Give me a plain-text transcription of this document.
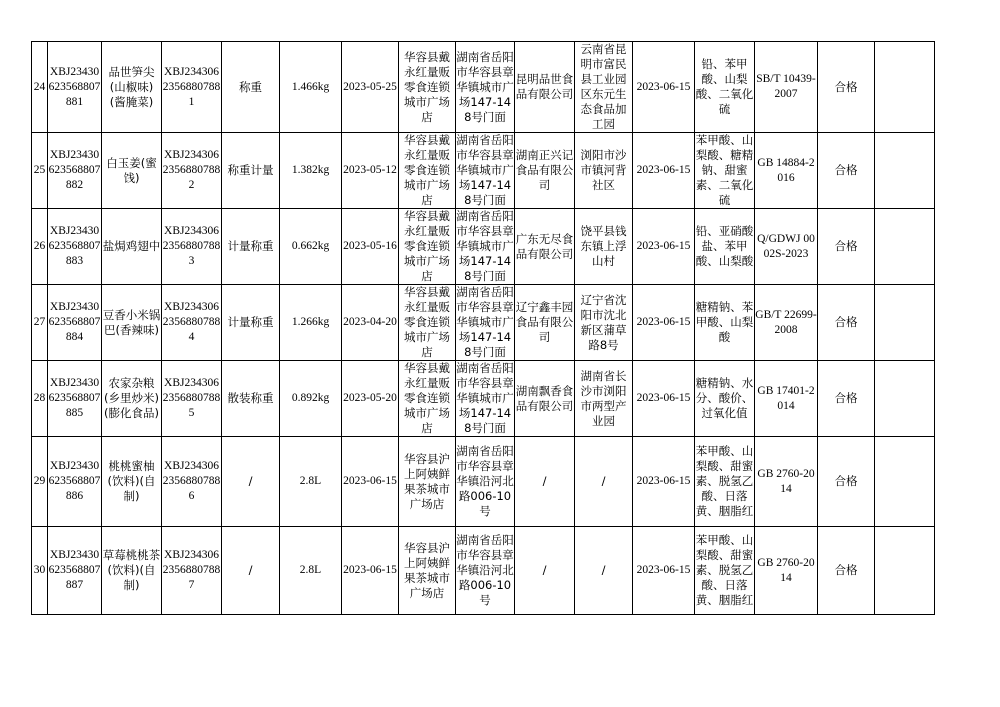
24	XBJ23430623568807881	品世笋尖(山椒味)(酱腌菜)	XBJ23430623568807881	称重	1.466kg	2023-05-25	华容县戴永红量贩零食连锁城市广场店	湖南省岳阳市华容县章华镇城市广场147-148号门面	昆明品世食品有限公司	云南省昆明市富民县工业园区东元生态食品加工园	2023-06-15	铅、苯甲酸、山梨酸、二氧化硫	SB/T 10439-2007	合格	

25	XBJ23430623568807882	白玉姜(蜜饯)	XBJ23430623568807882	称重计量	1.382kg	2023-05-12	华容县戴永红量贩零食连锁城市广场店	湖南省岳阳市华容县章华镇城市广场147-148号门面	湖南正兴记食品有限公司	浏阳市沙市镇河背社区	2023-06-15	苯甲酸、山梨酸、糖精钠、甜蜜素、二氧化硫	GB 14884-2016	合格	

26	XBJ23430623568807883	盐焗鸡翅中	XBJ23430623568807883	计量称重	0.662kg	2023-05-16	华容县戴永红量贩零食连锁城市广场店	湖南省岳阳市华容县章华镇城市广场147-148号门面	广东无尽食品有限公司	饶平县钱东镇上浮山村	2023-06-15	铅、亚硝酸盐、苯甲酸、山梨酸	Q/GDWJ 0002S-2023	合格	

27	XBJ23430623568807884	豆香小米锅巴(香辣味)	XBJ23430623568807884	计量称重	1.266kg	2023-04-20	华容县戴永红量贩零食连锁城市广场店	湖南省岳阳市华容县章华镇城市广场147-148号门面	辽宁鑫丰园食品有限公司	辽宁省沈阳市沈北新区蒲草路8号	2023-06-15	糖精钠、苯甲酸、山梨酸	GB/T 22699-2008	合格	

28	XBJ23430623568807885	农家杂粮(乡里炒米)(膨化食品)	XBJ23430623568807885	散装称重	0.892kg	2023-05-20	华容县戴永红量贩零食连锁城市广场店	湖南省岳阳市华容县章华镇城市广场147-148号门面	湖南飘香食品有限公司	湖南省长沙市浏阳市两型产业园	2023-06-15	糖精钠、水分、酸价、过氧化值	GB 17401-2014	合格	

29	XBJ23430623568807886	桃桃蜜柚(饮料)(自制)	XBJ23430623568807886	/	2.8L	2023-06-15	华容县沪上阿姨鲜果茶城市广场店	湖南省岳阳市华容县章华镇沿河北路006-10号	/	/	2023-06-15	苯甲酸、山梨酸、甜蜜素、脱氢乙酸、日落黄、胭脂红	GB 2760-2014	合格	

30	XBJ23430623568807887	草莓桃桃茶(饮料)(自制)	XBJ23430623568807887	/	2.8L	2023-06-15	华容县沪上阿姨鲜果茶城市广场店	湖南省岳阳市华容县章华镇沿河北路006-10号	/	/	2023-06-15	苯甲酸、山梨酸、甜蜜素、脱氢乙酸、日落黄、胭脂红	GB 2760-2014	合格	
